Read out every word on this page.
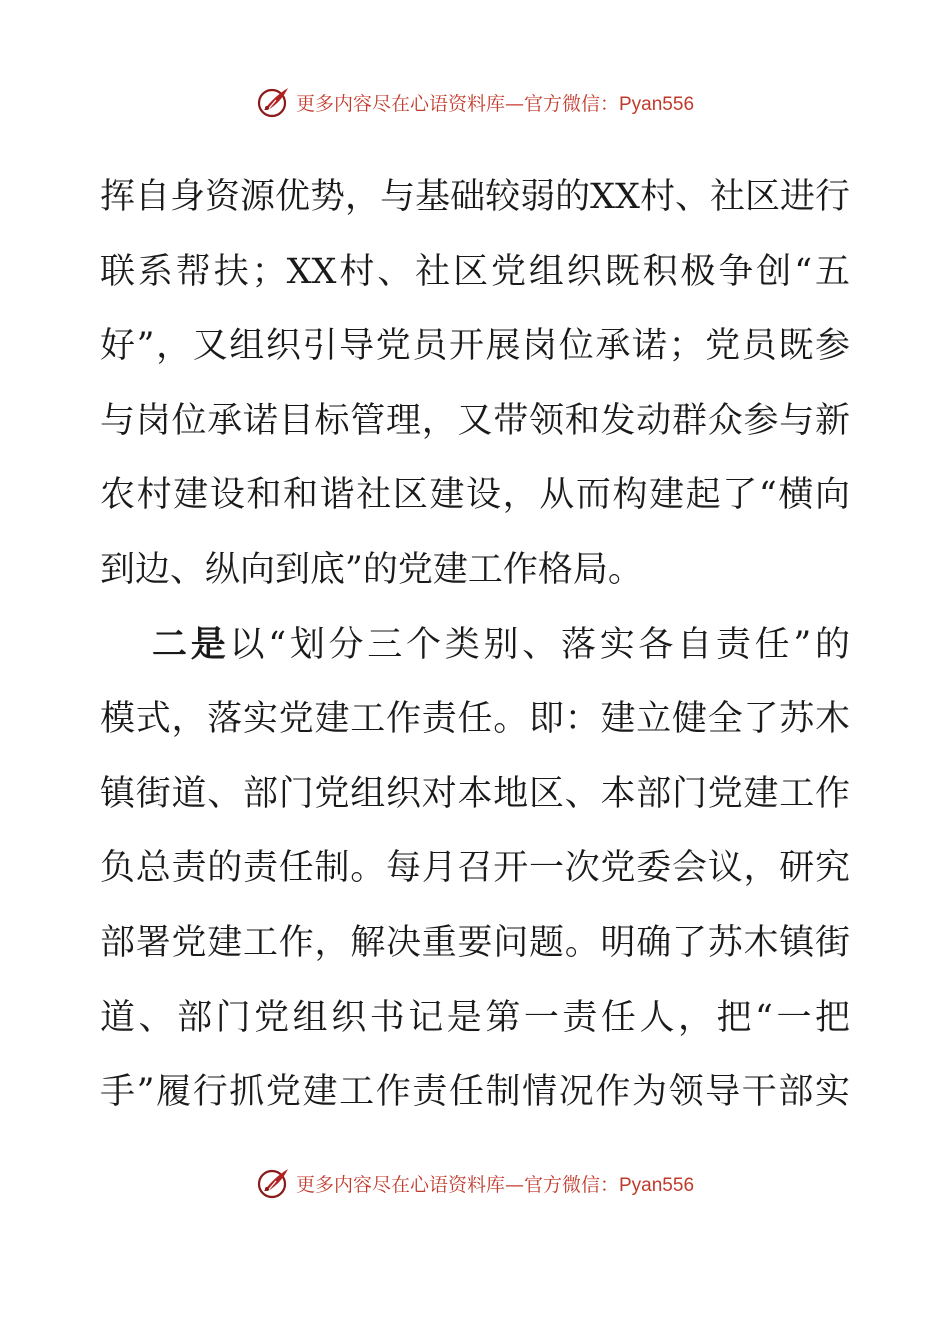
更多内容尽在心语资料库—官方微信：Pyan556
挥自身资源优势，与基础较弱的XX村、社区进行
联系帮扶；XX村、社区党组织既积极争创“五
好”，又组织引导党员开展岗位承诺；党员既参
与岗位承诺目标管理，又带领和发动群众参与新
农村建设和和谐社区建设，从而构建起了“横向
到边、纵向到底”的党建工作格局。
二是以“划分三个类别、落实各自责任”的
模式，落实党建工作责任。即：建立健全了苏木
镇街道、部门党组织对本地区、本部门党建工作
负总责的责任制。每月召开一次党委会议，研究
部署党建工作，解决重要问题。明确了苏木镇街
道、部门党组织书记是第一责任人，把“一把
手”履行抓党建工作责任制情况作为领导干部实
更多内容尽在心语资料库—官方微信：Pyan556
